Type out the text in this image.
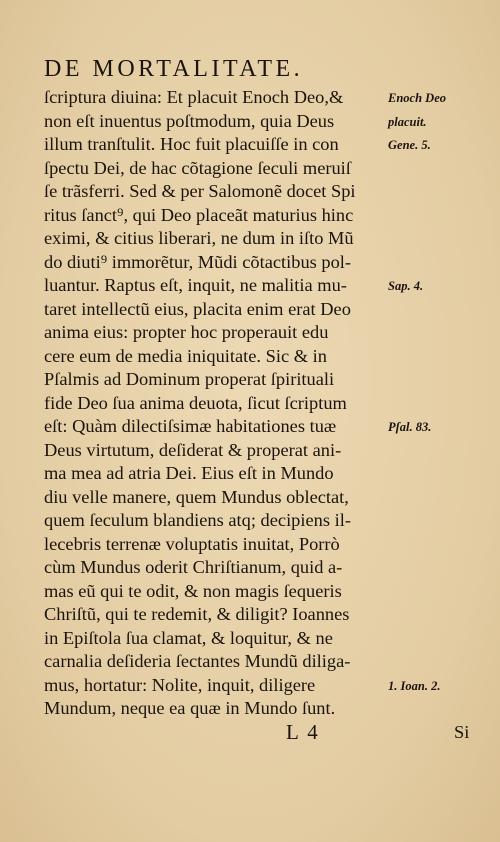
DE MORTALITATE.
ſcriptura diuina: Et placuit Enoch Deo,&
non eſt inuentus poſtmodum, quia Deus
illum tranſtulit. Hoc fuit placuiſſe in con
ſpectu Dei, de hac cõtagione ſeculi meruiſ
ſe trãsferri. Sed & per Salomonẽ docet Spi
ritus ſanct⁹, qui Deo placeãt maturius hinc
eximi, & citius liberari, ne dum in iſto Mũ
do diuti⁹ immorẽtur, Mũdi cõtactibus pol-
luantur. Raptus eſt, inquit, ne malitia mu-
taret intellectũ eius, placita enim erat Deo
anima eius: propter hoc properauit edu
cere eum de media iniquitate. Sic & in
Pſalmis ad Dominum properat ſpirituali
fide Deo ſua anima deuota, ſicut ſcriptum
eſt: Quàm dilectiſsimæ habitationes tuæ
Deus virtutum, deſiderat & properat ani-
ma mea ad atria Dei. Eius eſt in Mundo
diu velle manere, quem Mundus oblectat,
quem ſeculum blandiens atq; decipiens il-
lecebris terrenæ voluptatis inuitat, Porrò
cùm Mundus oderit Chriſtianum, quid a-
mas eũ qui te odit, & non magis ſequeris
Chriſtũ, qui te redemit, & diligit? Ioannes
in Epiſtola ſua clamat, & loquitur, & ne
carnalia deſideria ſectantes Mundũ diliga-
mus, hortatur: Nolite, inquit, diligere
Mundum, neque ea quæ in Mundo ſunt.
Enoch Deo
placuit.
Gene. 5.
Sap. 4.
Pſal. 83.
1. Ioan. 2.
L 4	Si
